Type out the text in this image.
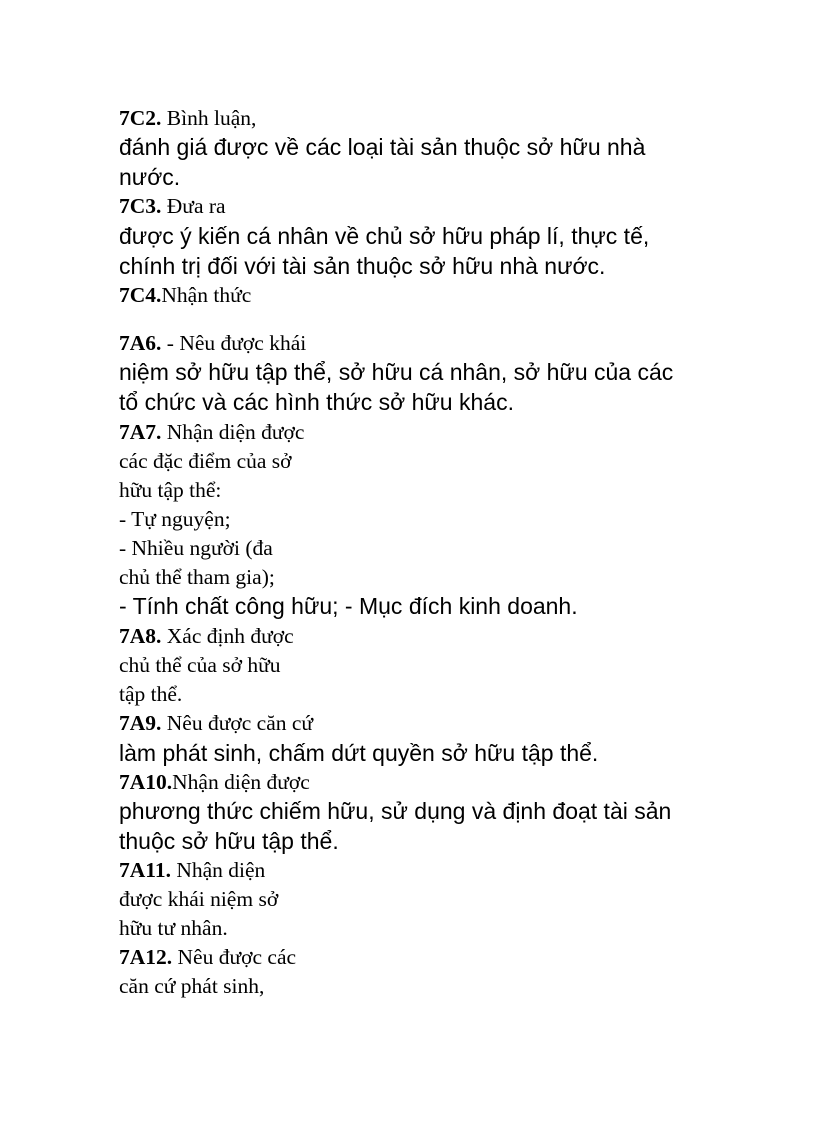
7C2. Bình luận,
đánh giá được về các loại tài sản thuộc sở hữu nhà
nước.
7C3. Đưa ra
được ý kiến cá nhân về chủ sở hữu pháp lí, thực tế,
chính trị đối với tài sản thuộc sở hữu nhà nước.
7C4.Nhận thức
7A6. - Nêu được khái
niệm sở hữu tập thể, sở hữu cá nhân, sở hữu của các
tổ chức và các hình thức sở hữu khác.
7A7. Nhận diện được
các đặc điểm của sở
hữu tập thể:
- Tự nguyện;
- Nhiều người (đa
chủ thể tham gia);
- Tính chất công hữu; - Mục đích kinh doanh.
7A8. Xác định được
chủ thể của sở hữu
tập thể.
7A9. Nêu được căn cứ
làm phát sinh, chấm dứt quyền sở hữu tập thể.
7A10.Nhận diện được
phương thức chiếm hữu, sử dụng và định đoạt tài sản
thuộc sở hữu tập thể.
7A11. Nhận diện
được khái niệm sở
hữu tư nhân.
7A12. Nêu được các
căn cứ phát sinh,
